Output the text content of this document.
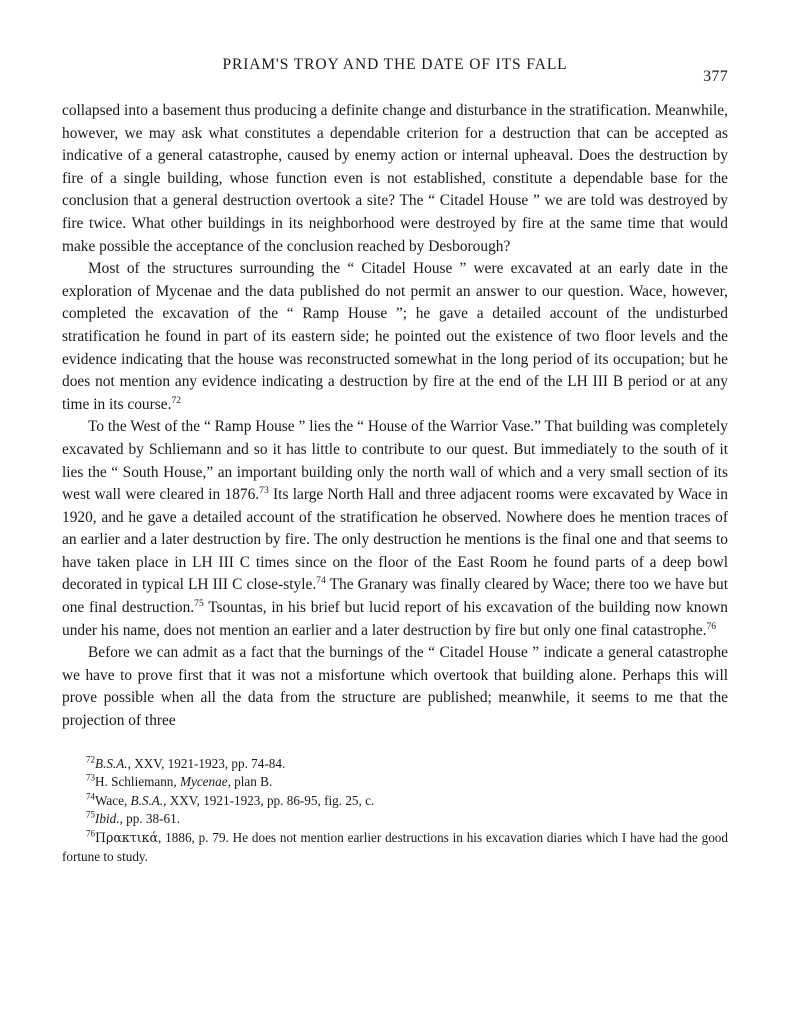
PRIAM'S TROY AND THE DATE OF ITS FALL
377

collapsed into a basement thus producing a definite change and disturbance in the stratification. Meanwhile, however, we may ask what constitutes a dependable criterion for a destruction that can be accepted as indicative of a general catastrophe, caused by enemy action or internal upheaval. Does the destruction by fire of a single building, whose function even is not established, constitute a dependable base for the conclusion that a general destruction overtook a site? The “ Citadel House ” we are told was destroyed by fire twice. What other buildings in its neighborhood were destroyed by fire at the same time that would make possible the acceptance of the conclusion reached by Desborough?

Most of the structures surrounding the “ Citadel House ” were excavated at an early date in the exploration of Mycenae and the data published do not permit an answer to our question. Wace, however, completed the excavation of the “ Ramp House ”; he gave a detailed account of the undisturbed stratification he found in part of its eastern side; he pointed out the existence of two floor levels and the evidence indicating that the house was reconstructed somewhat in the long period of its occupation; but he does not mention any evidence indicating a destruction by fire at the end of the LH III B period or at any time in its course.$^{72}$

To the West of the “ Ramp House ” lies the “ House of the Warrior Vase.” That building was completely excavated by Schliemann and so it has little to contribute to our quest. But immediately to the south of it lies the “ South House,” an important building only the north wall of which and a very small section of its west wall were cleared in 1876.73 Its large North Hall and three adjacent rooms were excavated by Wace in 1920, and he gave a detailed account of the stratification he observed. Nowhere does he mention traces of an earlier and a later destruction by fire. The only destruction he mentions is the final one and that seems to have taken place in LH III C times since on the floor of the East Room he found parts of a deep bowl decorated in typical LH III C close-style.$^{74}$ The Granary was finally cleared by Wace; there too we have but one final destruction.$^{75}$ Tsountas, in his brief but lucid report of his excavation of the building now known under his name, does not mention an earlier and a later destruction by fire but only one final catastrophe.$^{76}$

Before we can admit as a fact that the burnings of the “ Citadel House ” indicate a general catastrophe we have to prove first that it was not a misfortune which overtook that building alone. Perhaps this will prove possible when all the data from the structure are published; meanwhile, it seems to me that the projection of three

$^{72}$B.S.A., XXV, 1921-1923, pp. 74-84.

$^{73}$H. Schliemann, Mycenae, plan B.

$^{74}$Wace, B.S.A., XXV, 1921-1923, pp. 86-95, fig. 25, c.

$^{75}$Ibid., pp. 38-61.

$^{76}$Πρακτικά, 1886, p. 79. He does not mention earlier destructions in his excavation diaries which I have had the good fortune to study.
